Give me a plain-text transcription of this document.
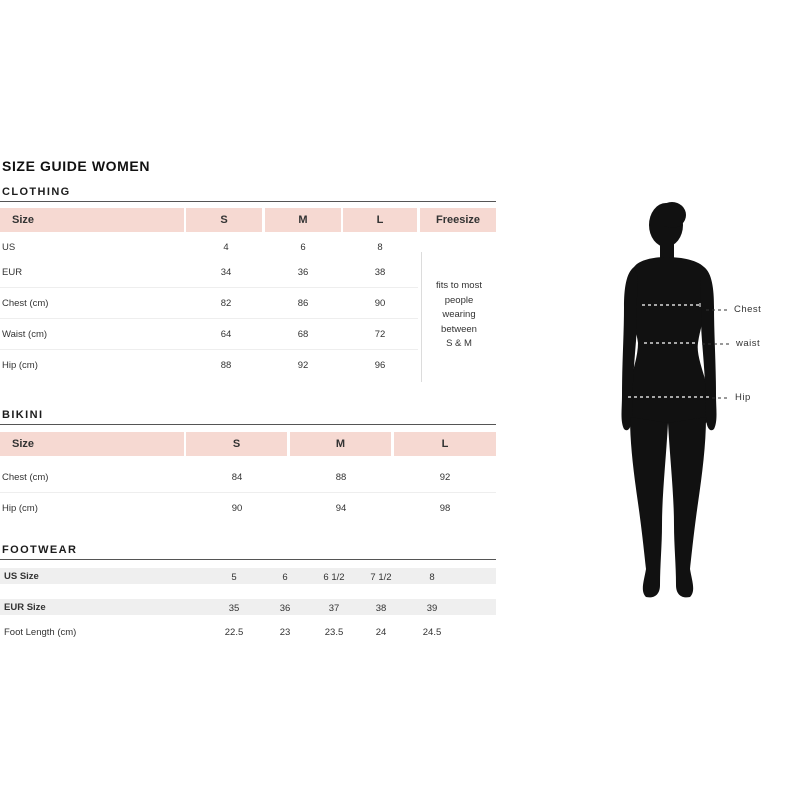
SIZE GUIDE WOMEN
CLOTHING
Size	S	M	L	Freesize
US	4	6	8
EUR	34	36	38
Chest (cm)	82	86	90
Waist (cm)	64	68	72
Hip (cm)	88	92	96
fits to most
people
wearing
between
S & M
BIKINI
Size	S	M	L
Chest (cm)	84	88	92
Hip (cm)	90	94	98
FOOTWEAR
US Size	5	6	6 1/2	7 1/2	8
EUR Size	35	36	37	38	39
Foot Length (cm)	22.5	23	23.5	24	24.5
Chest
waist
Hip
